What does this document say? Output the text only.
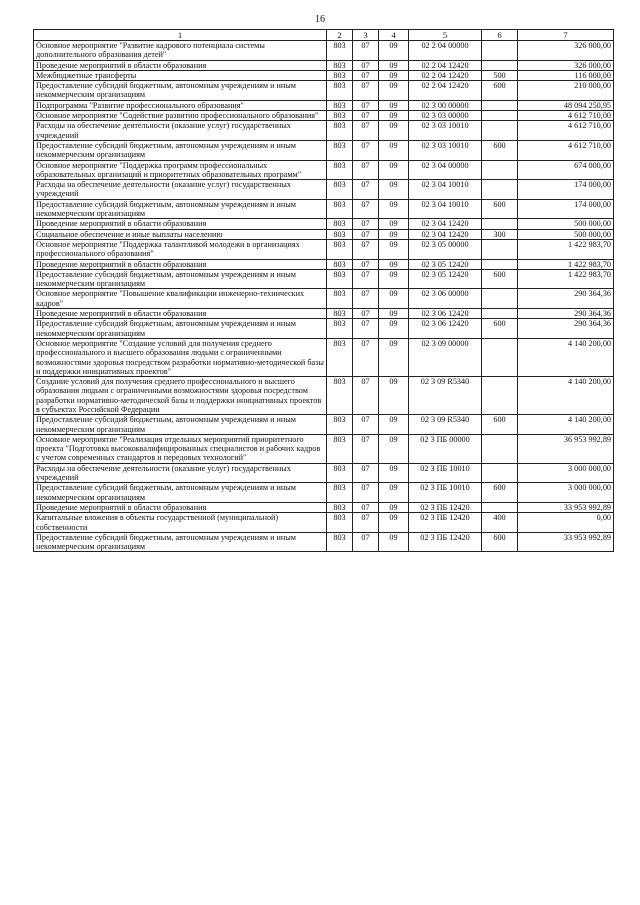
16
1	2	3	4	5	6	7
Основное мероприятие "Развитие кадрового потенциала системы дополнительного образования детей"	803	07	09	02 2 04 00000		326 000,00
Проведение мероприятий в области образования	803	07	09	02 2 04 12420		326 000,00
Межбюджетные трансферты	803	07	09	02 2 04 12420	500	116 000,00
Предоставление субсидий бюджетным, автономным учреждениям и иным некоммерческим организациям	803	07	09	02 2 04 12420	600	210 000,00
Подпрограмма "Развитие профессионального образования"	803	07	09	02 3 00 00000		48 094 250,95
Основное мероприятие "Содействие развитию профессионального образования"	803	07	09	02 3 03 00000		4 612 710,00
Расходы на обеспечение деятельности (оказание услуг) государственных учреждений	803	07	09	02 3 03 10010		4 612 710,00
Предоставление субсидий бюджетным, автономным учреждениям и иным некоммерческим организациям	803	07	09	02 3 03 10010	600	4 612 710,00
Основное мероприятие "Поддержка программ профессиональных образовательных организаций и приоритетных образовательных программ"	803	07	09	02 3 04 00000		674 000,00
Расходы на обеспечение деятельности (оказание услуг) государственных учреждений	803	07	09	02 3 04 10010		174 000,00
Предоставление субсидий бюджетным, автономным учреждениям и иным некоммерческим организациям	803	07	09	02 3 04 10010	600	174 000,00
Проведение мероприятий в области образования	803	07	09	02 3 04 12420		500 000,00
Социальное обеспечение и иные выплаты населению	803	07	09	02 3 04 12420	300	500 000,00
Основное мероприятие "Поддержка талантливой молодежи в организациях профессионального образования"	803	07	09	02 3 05 00000		1 422 983,70
Проведение мероприятий в области образования	803	07	09	02 3 05 12420		1 422 983,70
Предоставление субсидий бюджетным, автономным учреждениям и иным некоммерческим организациям	803	07	09	02 3 05 12420	600	1 422 983,70
Основное мероприятие "Повышение квалификации инженерно-технических кадров"	803	07	09	02 3 06 00000		290 364,36
Проведение мероприятий в области образования	803	07	09	02 3 06 12420		290 364,36
Предоставление субсидий бюджетным, автономным учреждениям и иным некоммерческим организациям	803	07	09	02 3 06 12420	600	290 364,36
Основное мероприятие "Создание условий для получения среднего профессионального и высшего образования людьми с ограниченными возможностями здоровья посредством разработки нормативно-методической базы и поддержки инициативных проектов"	803	07	09	02 3 09 00000		4 140 200,00
Создание условий для получения среднего профессионального и высшего образования людьми с ограниченными возможностями здоровья посредством разработки нормативно-методической базы и поддержки инициативных проектов в субъектах Российской Федерации	803	07	09	02 3 09 R5340		4 140 200,00
Предоставление субсидий бюджетным, автономным учреждениям и иным некоммерческим организациям	803	07	09	02 3 09 R5340	600	4 140 200,00
Основное мероприятие "Реализация отдельных мероприятий приоритетного проекта "Подготовка высококвалифицированных специалистов и рабочих кадров с учетом современных стандартов и передовых технологий"	803	07	09	02 3 ПБ 00000		36 953 992,89
Расходы на обеспечение деятельности (оказание услуг) государственных учреждений	803	07	09	02 3 ПБ 10010		3 000 000,00
Предоставление субсидий бюджетным, автономным учреждениям и иным некоммерческим организациям	803	07	09	02 3 ПБ 10010	600	3 000 000,00
Проведение мероприятий в области образования	803	07	09	02 3 ПБ 12420		33 953 992,89
Капитальные вложения в объекты государственной (муниципальной) собственности	803	07	09	02 3 ПБ 12420	400	0,00
Предоставление субсидий бюджетным, автономным учреждениям и иным некоммерческим организациям	803	07	09	02 3 ПБ 12420	600	33 953 992,89
